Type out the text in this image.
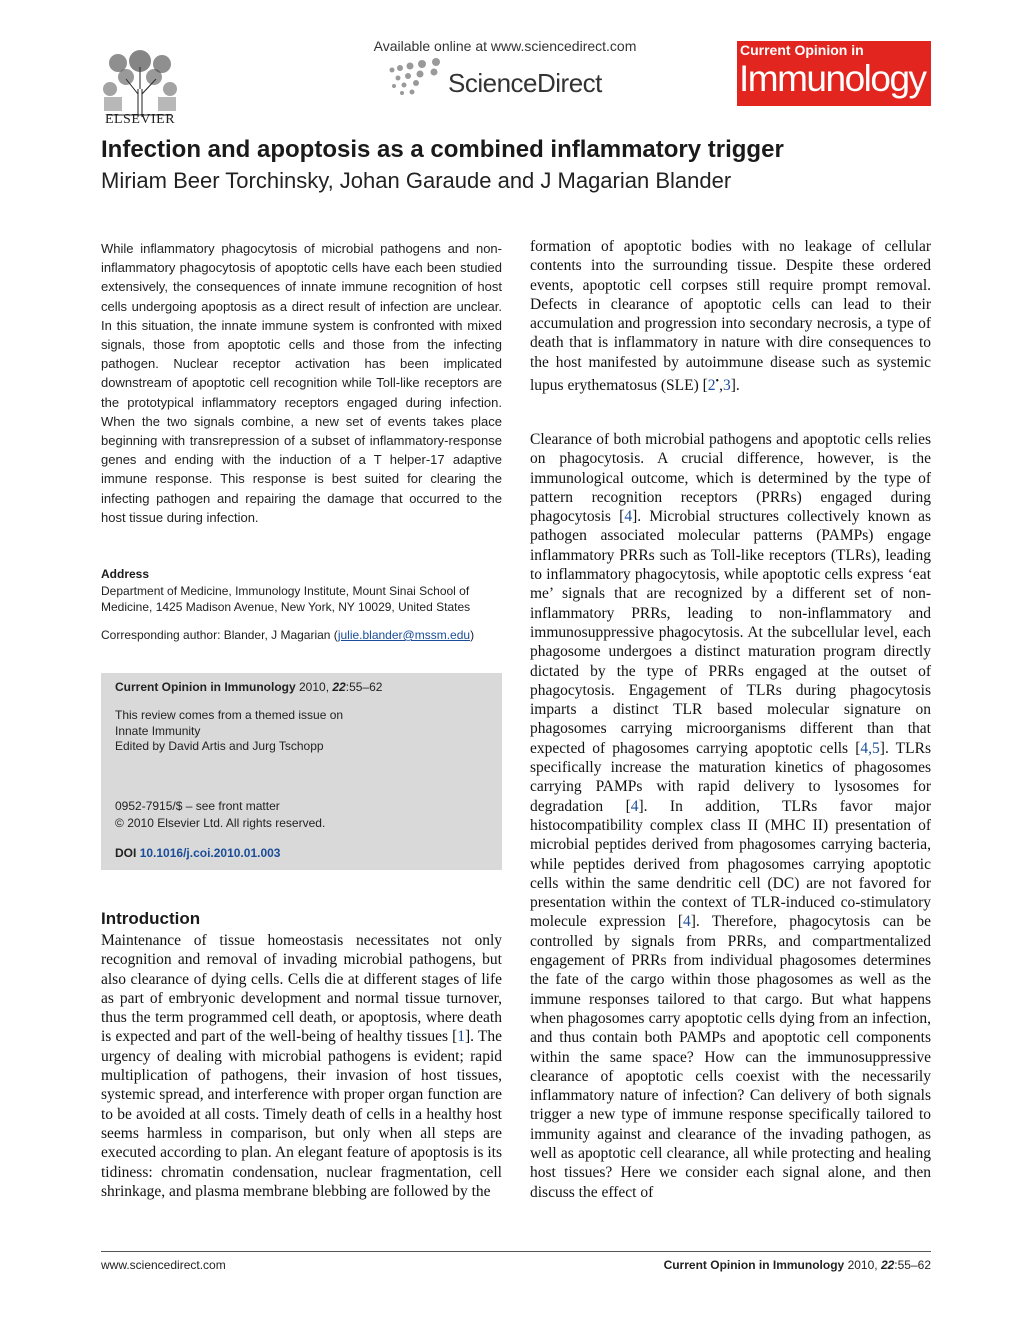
ELSEVIER
Available online at www.sciencedirect.com
ScienceDirect
Current Opinion in
Immunology
Infection and apoptosis as a combined inflammatory trigger
Miriam Beer Torchinsky, Johan Garaude and J Magarian Blander
While inflammatory phagocytosis of microbial pathogens and non-inflammatory phagocytosis of apoptotic cells have each been studied extensively, the consequences of innate immune recognition of host cells undergoing apoptosis as a direct result of infection are unclear. In this situation, the innate immune system is confronted with mixed signals, those from apoptotic cells and those from the infecting pathogen. Nuclear receptor activation has been implicated downstream of apoptotic cell recognition while Toll-like receptors are the prototypical inflammatory receptors engaged during infection. When the two signals combine, a new set of events takes place beginning with transrepression of a subset of inflammatory-response genes and ending with the induction of a T helper-17 adaptive immune response. This response is best suited for clearing the infecting pathogen and repairing the damage that occurred to the host tissue during infection.
Address
Department of Medicine, Immunology Institute, Mount Sinai School of Medicine, 1425 Madison Avenue, New York, NY 10029, United States
Corresponding author: Blander, J Magarian (julie.blander@mssm.edu)
Current Opinion in Immunology 2010, 22:55–62
This review comes from a themed issue on
Innate Immunity
Edited by David Artis and Jurg Tschopp
0952-7915/$ – see front matter
© 2010 Elsevier Ltd. All rights reserved.
DOI 10.1016/j.coi.2010.01.003
Introduction
Maintenance of tissue homeostasis necessitates not only recognition and removal of invading microbial pathogens, but also clearance of dying cells. Cells die at different stages of life as part of embryonic development and normal tissue turnover, thus the term programmed cell death, or apoptosis, where death is expected and part of the well-being of healthy tissues [1]. The urgency of dealing with microbial pathogens is evident; rapid multiplication of pathogens, their invasion of host tissues, systemic spread, and interference with proper organ function are to be avoided at all costs. Timely death of cells in a healthy host seems harmless in comparison, but only when all steps are executed according to plan. An elegant feature of apoptosis is its tidiness: chromatin condensation, nuclear fragmentation, cell shrinkage, and plasma membrane blebbing are followed by the
formation of apoptotic bodies with no leakage of cellular contents into the surrounding tissue. Despite these ordered events, apoptotic cell corpses still require prompt removal. Defects in clearance of apoptotic cells can lead to their accumulation and progression into secondary necrosis, a type of death that is inflammatory in nature with dire consequences to the host manifested by autoimmune disease such as systemic lupus erythematosus (SLE) [2•,3].
Clearance of both microbial pathogens and apoptotic cells relies on phagocytosis. A crucial difference, however, is the immunological outcome, which is determined by the type of pattern recognition receptors (PRRs) engaged during phagocytosis [4]. Microbial structures collectively known as pathogen associated molecular patterns (PAMPs) engage inflammatory PRRs such as Toll-like receptors (TLRs), leading to inflammatory phagocytosis, while apoptotic cells express ‘eat me’ signals that are recognized by a different set of non-inflammatory PRRs, leading to non-inflammatory and immunosuppressive phagocytosis. At the subcellular level, each phagosome undergoes a distinct maturation program directly dictated by the type of PRRs engaged at the outset of phagocytosis. Engagement of TLRs during phagocytosis imparts a distinct TLR based molecular signature on phagosomes carrying microorganisms different than that expected of phagosomes carrying apoptotic cells [4,5]. TLRs specifically increase the maturation kinetics of phagosomes carrying PAMPs with rapid delivery to lysosomes for degradation [4]. In addition, TLRs favor major histocompatibility complex class II (MHC II) presentation of microbial peptides derived from phagosomes carrying bacteria, while peptides derived from phagosomes carrying apoptotic cells within the same dendritic cell (DC) are not favored for presentation within the context of TLR-induced co-stimulatory molecule expression [4]. Therefore, phagocytosis can be controlled by signals from PRRs, and compartmentalized engagement of PRRs from individual phagosomes determines the fate of the cargo within those phagosomes as well as the immune responses tailored to that cargo. But what happens when phagosomes carry apoptotic cells dying from an infection, and thus contain both PAMPs and apoptotic cell components within the same space? How can the immunosuppressive clearance of apoptotic cells coexist with the necessarily inflammatory nature of infection? Can delivery of both signals trigger a new type of immune response specifically tailored to immunity against and clearance of the invading pathogen, as well as apoptotic cell clearance, all while protecting and healing host tissues? Here we consider each signal alone, and then discuss the effect of
www.sciencedirect.com	Current Opinion in Immunology 2010, 22:55–62
